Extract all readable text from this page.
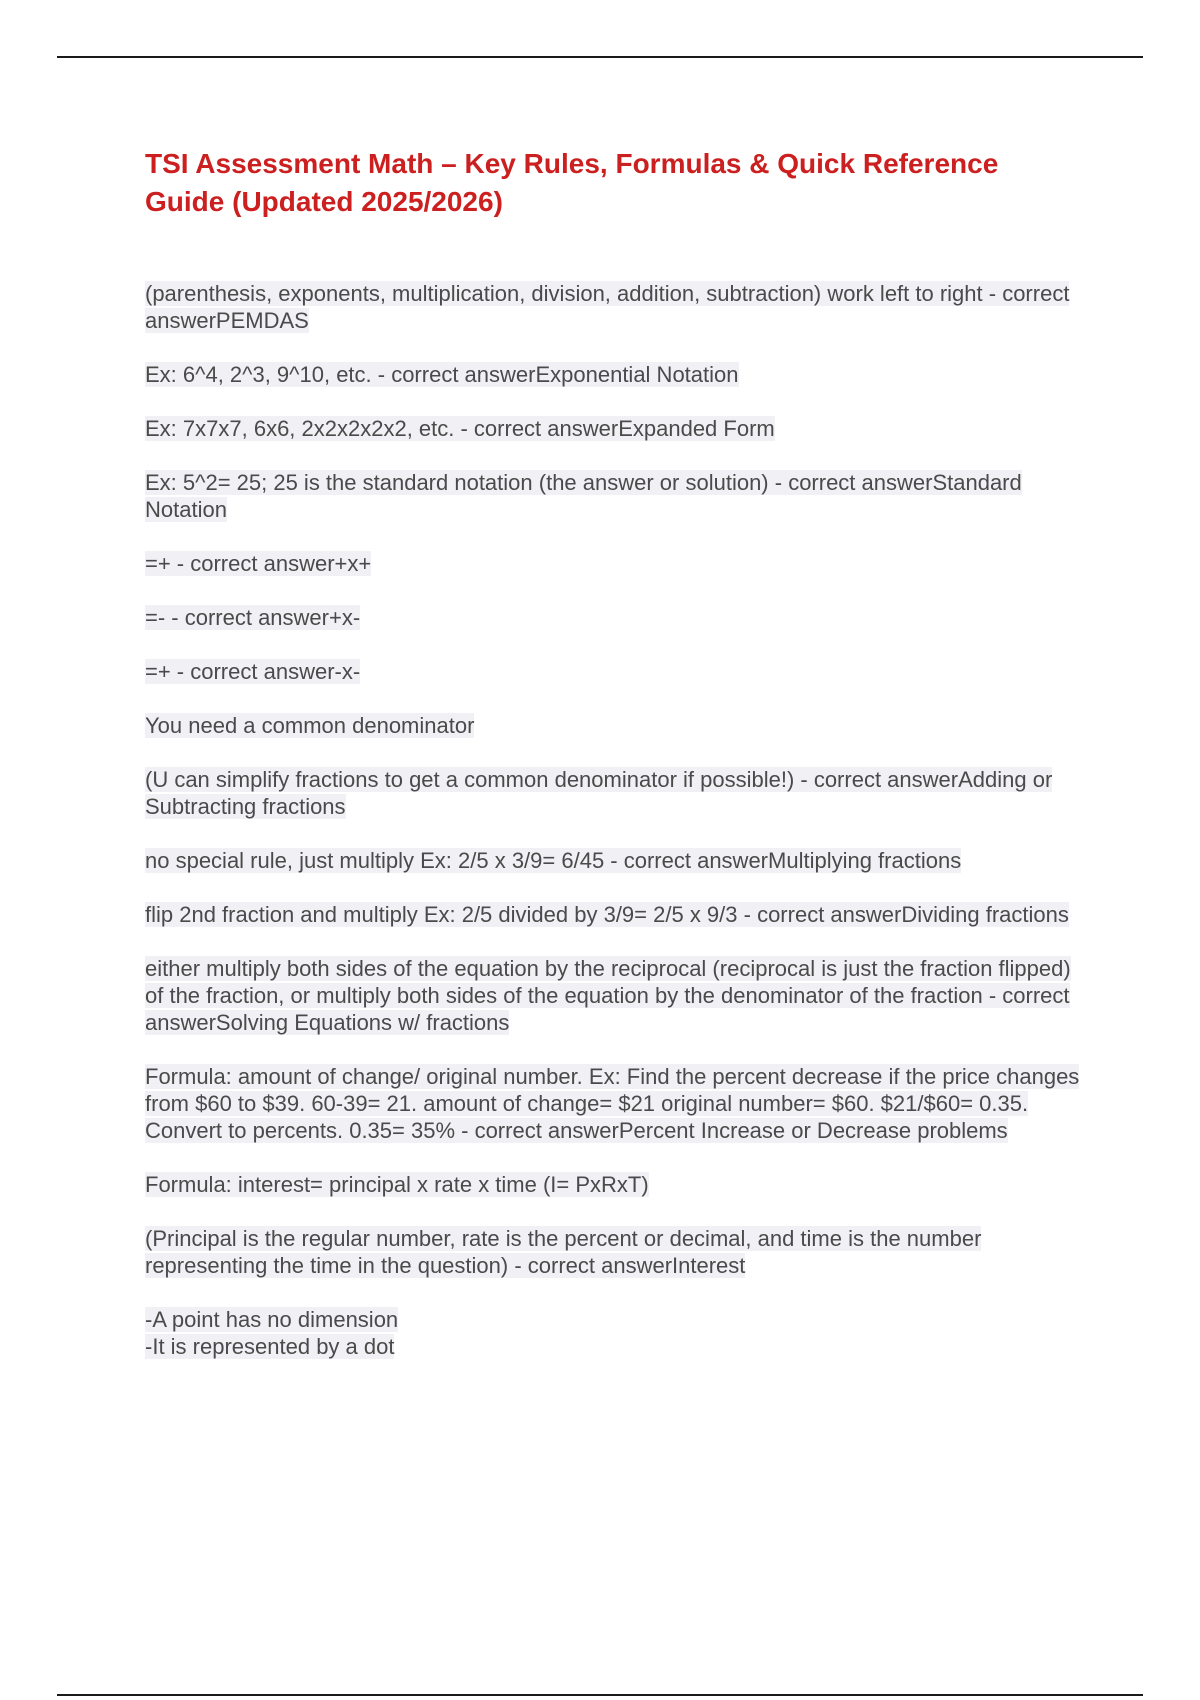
TSI Assessment Math – Key Rules, Formulas & Quick Reference Guide (Updated 2025/2026)

(parenthesis, exponents, multiplication, division, addition, subtraction) work left to right - correct answerPEMDAS

Ex: 6^4, 2^3, 9^10, etc. - correct answerExponential Notation

Ex: 7x7x7, 6x6, 2x2x2x2x2, etc. - correct answerExpanded Form

Ex: 5^2= 25; 25 is the standard notation (the answer or solution) - correct answerStandard Notation

=+ - correct answer+x+

=- - correct answer+x-

=+ - correct answer-x-

You need a common denominator

(U can simplify fractions to get a common denominator if possible!) - correct answerAdding or Subtracting fractions

no special rule, just multiply Ex: 2/5 x 3/9= 6/45 - correct answerMultiplying fractions

flip 2nd fraction and multiply Ex: 2/5 divided by 3/9= 2/5 x 9/3 - correct answerDividing fractions

either multiply both sides of the equation by the reciprocal (reciprocal is just the fraction flipped) of the fraction, or multiply both sides of the equation by the denominator of the fraction - correct answerSolving Equations w/ fractions

Formula: amount of change/ original number. Ex: Find the percent decrease if the price changes from $60 to $39. 60-39= 21. amount of change= $21 original number= $60. $21/$60= 0.35. Convert to percents. 0.35= 35% - correct answerPercent Increase or Decrease problems

Formula: interest= principal x rate x time (I= PxRxT)

(Principal is the regular number, rate is the percent or decimal, and time is the number representing the time in the question) - correct answerInterest

-A point has no dimension
-It is represented by a dot
